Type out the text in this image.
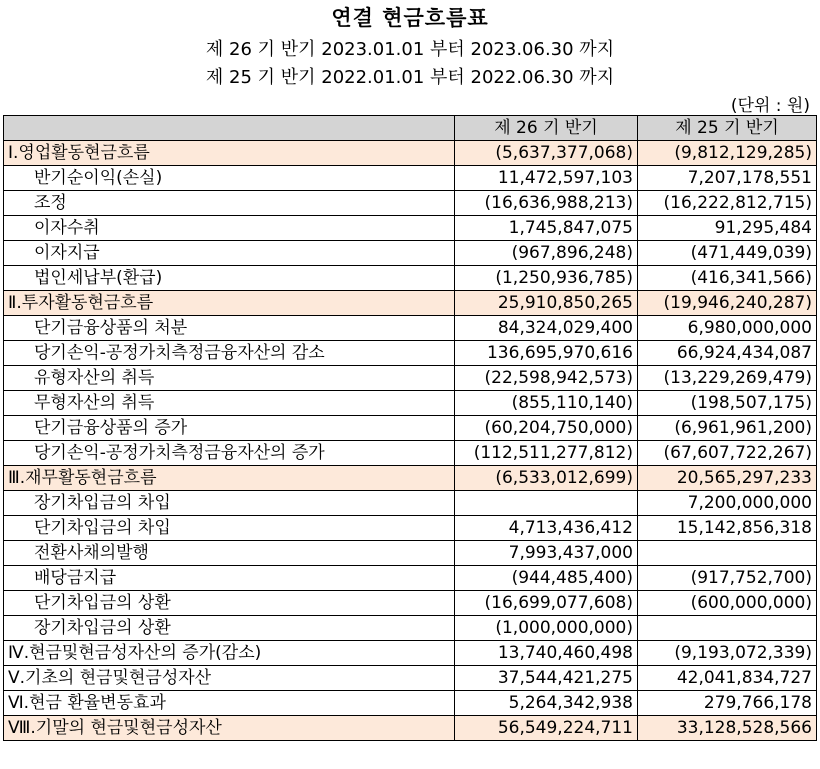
연결 현금흐름표
제 26 기 반기 2023.01.01 부터 2023.06.30 까지
제 25 기 반기 2022.01.01 부터 2022.06.30 까지
(단위 : 원)
	제 26 기 반기	제 25 기 반기
Ⅰ.영업활동현금흐름	(5,637,377,068)	(9,812,129,285)
반기순이익(손실)	11,472,597,103	7,207,178,551
조정	(16,636,988,213)	(16,222,812,715)
이자수취	1,745,847,075	91,295,484
이자지급	(967,896,248)	(471,449,039)
법인세납부(환급)	(1,250,936,785)	(416,341,566)
Ⅱ.투자활동현금흐름	25,910,850,265	(19,946,240,287)
단기금융상품의 처분	84,324,029,400	6,980,000,000
당기손익-공정가치측정금융자산의 감소	136,695,970,616	66,924,434,087
유형자산의 취득	(22,598,942,573)	(13,229,269,479)
무형자산의 취득	(855,110,140)	(198,507,175)
단기금융상품의 증가	(60,204,750,000)	(6,961,961,200)
당기손익-공정가치측정금융자산의 증가	(112,511,277,812)	(67,607,722,267)
Ⅲ.재무활동현금흐름	(6,533,012,699)	20,565,297,233
장기차입금의 차입		7,200,000,000
단기차입금의 차입	4,713,436,412	15,142,856,318
전환사채의발행	7,993,437,000	
배당금지급	(944,485,400)	(917,752,700)
단기차입금의 상환	(16,699,077,608)	(600,000,000)
장기차입금의 상환	(1,000,000,000)	
Ⅳ.현금및현금성자산의 증가(감소)	13,740,460,498	(9,193,072,339)
Ⅴ.기초의 현금및현금성자산	37,544,421,275	42,041,834,727
Ⅵ.현금 환율변동효과	5,264,342,938	279,766,178
Ⅷ.기말의 현금및현금성자산	56,549,224,711	33,128,528,566
